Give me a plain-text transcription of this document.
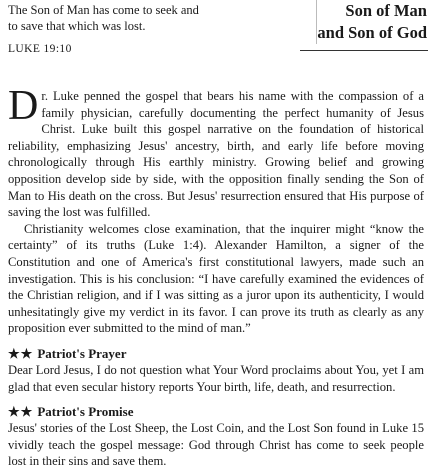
The Son of Man has come to seek and
to save that which was lost.
LUKE 19:10
Son of Man
and Son of God

Dr. Luke penned the gospel that bears his name with the compassion of a family physician, carefully documenting the perfect humanity of Jesus Christ. Luke built this gospel narrative on the foundation of historical reliability, emphasizing Jesus' ancestry, birth, and early life before moving chronologically through His earthly ministry. Growing belief and growing opposition develop side by side, with the opposition finally sending the Son of Man to His death on the cross. But Jesus' resurrection ensured that His purpose of saving the lost was fulfilled.

Christianity welcomes close examination, that the inquirer might “know the certainty” of its truths (Luke 1:4). Alexander Hamilton, a signer of the Constitution and one of America's first constitutional lawyers, made such an investigation. This is his conclusion: “I have carefully examined the evidences of the Christian religion, and if I was sitting as a juror upon its authenticity, I would unhesitatingly give my verdict in its favor. I can prove its truth as clearly as any proposition ever submitted to the mind of man.”

★★ Patriot's Prayer

Dear Lord Jesus, I do not question what Your Word proclaims about You, yet I am glad that even secular history reports Your birth, life, death, and resurrection.

★★ Patriot's Promise

Jesus' stories of the Lost Sheep, the Lost Coin, and the Lost Son found in Luke 15 vividly teach the gospel message: God through Christ has come to seek people lost in their sins and save them.
